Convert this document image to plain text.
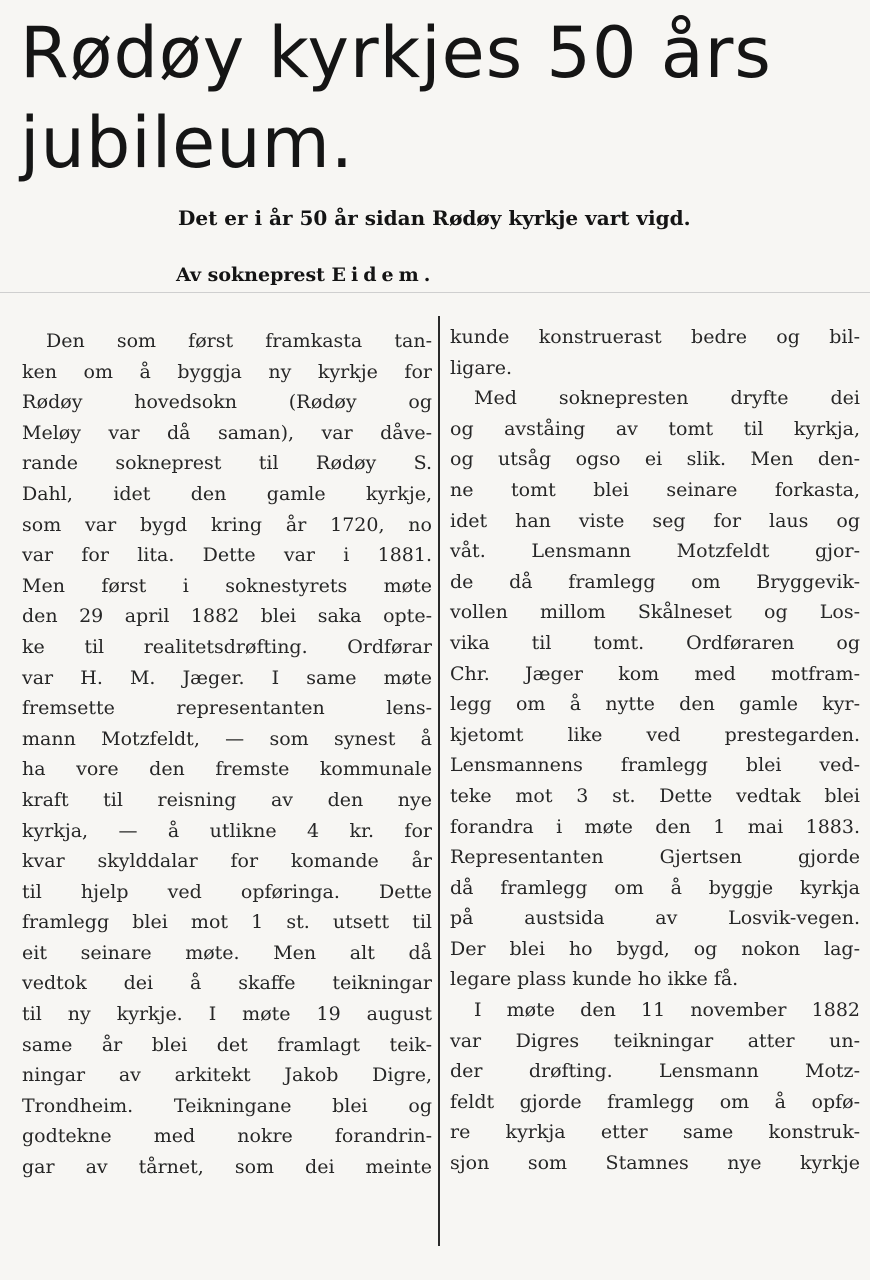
Rødøy kyrkjes 50 års
jubileum.
Det er i år 50 år sidan Rødøy kyrkje vart vigd.
Av sokneprest Eidem.
Den som først framkasta tan-
ken om å byggja ny kyrkje for
Rødøy hovedsokn (Rødøy og
Meløy var då saman), var dåve-
rande sokneprest til Rødøy S.
Dahl, idet den gamle kyrkje,
som var bygd kring år 1720, no
var for lita. Dette var i 1881.
Men først i soknestyrets møte
den 29 april 1882 blei saka opte-
ke til realitetsdrøfting. Ordførar
var H. M. Jæger. I same møte
fremsette representanten lens-
mann Motzfeldt, — som synest å
ha vore den fremste kommunale
kraft til reisning av den nye
kyrkja, — å utlikne 4 kr. for
kvar skylddalar for komande år
til hjelp ved opføringa. Dette
framlegg blei mot 1 st. utsett til
eit seinare møte. Men alt då
vedtok dei å skaffe teikningar
til ny kyrkje. I møte 19 august
same år blei det framlagt teik-
ningar av arkitekt Jakob Digre,
Trondheim. Teikningane blei og
godtekne med nokre forandrin-
gar av tårnet, som dei meinte
kunde konstruerast bedre og bil-
ligare.
Med soknepresten dryfte dei
og avståing av tomt til kyrkja,
og utsåg ogso ei slik. Men den-
ne tomt blei seinare forkasta,
idet han viste seg for laus og
våt. Lensmann Motzfeldt gjor-
de då framlegg om Bryggevik-
vollen millom Skålneset og Los-
vika til tomt. Ordføraren og
Chr. Jæger kom med motfram-
legg om å nytte den gamle kyr-
kjetomt like ved prestegarden.
Lensmannens framlegg blei ved-
teke mot 3 st. Dette vedtak blei
forandra i møte den 1 mai 1883.
Representanten Gjertsen gjorde
då framlegg om å byggje kyrkja
på austsida av Losvik-vegen.
Der blei ho bygd, og nokon lag-
legare plass kunde ho ikke få.
I møte den 11 november 1882
var Digres teikningar atter un-
der drøfting. Lensmann Motz-
feldt gjorde framlegg om å opfø-
re kyrkja etter same konstruk-
sjon som Stamnes nye kyrkje
